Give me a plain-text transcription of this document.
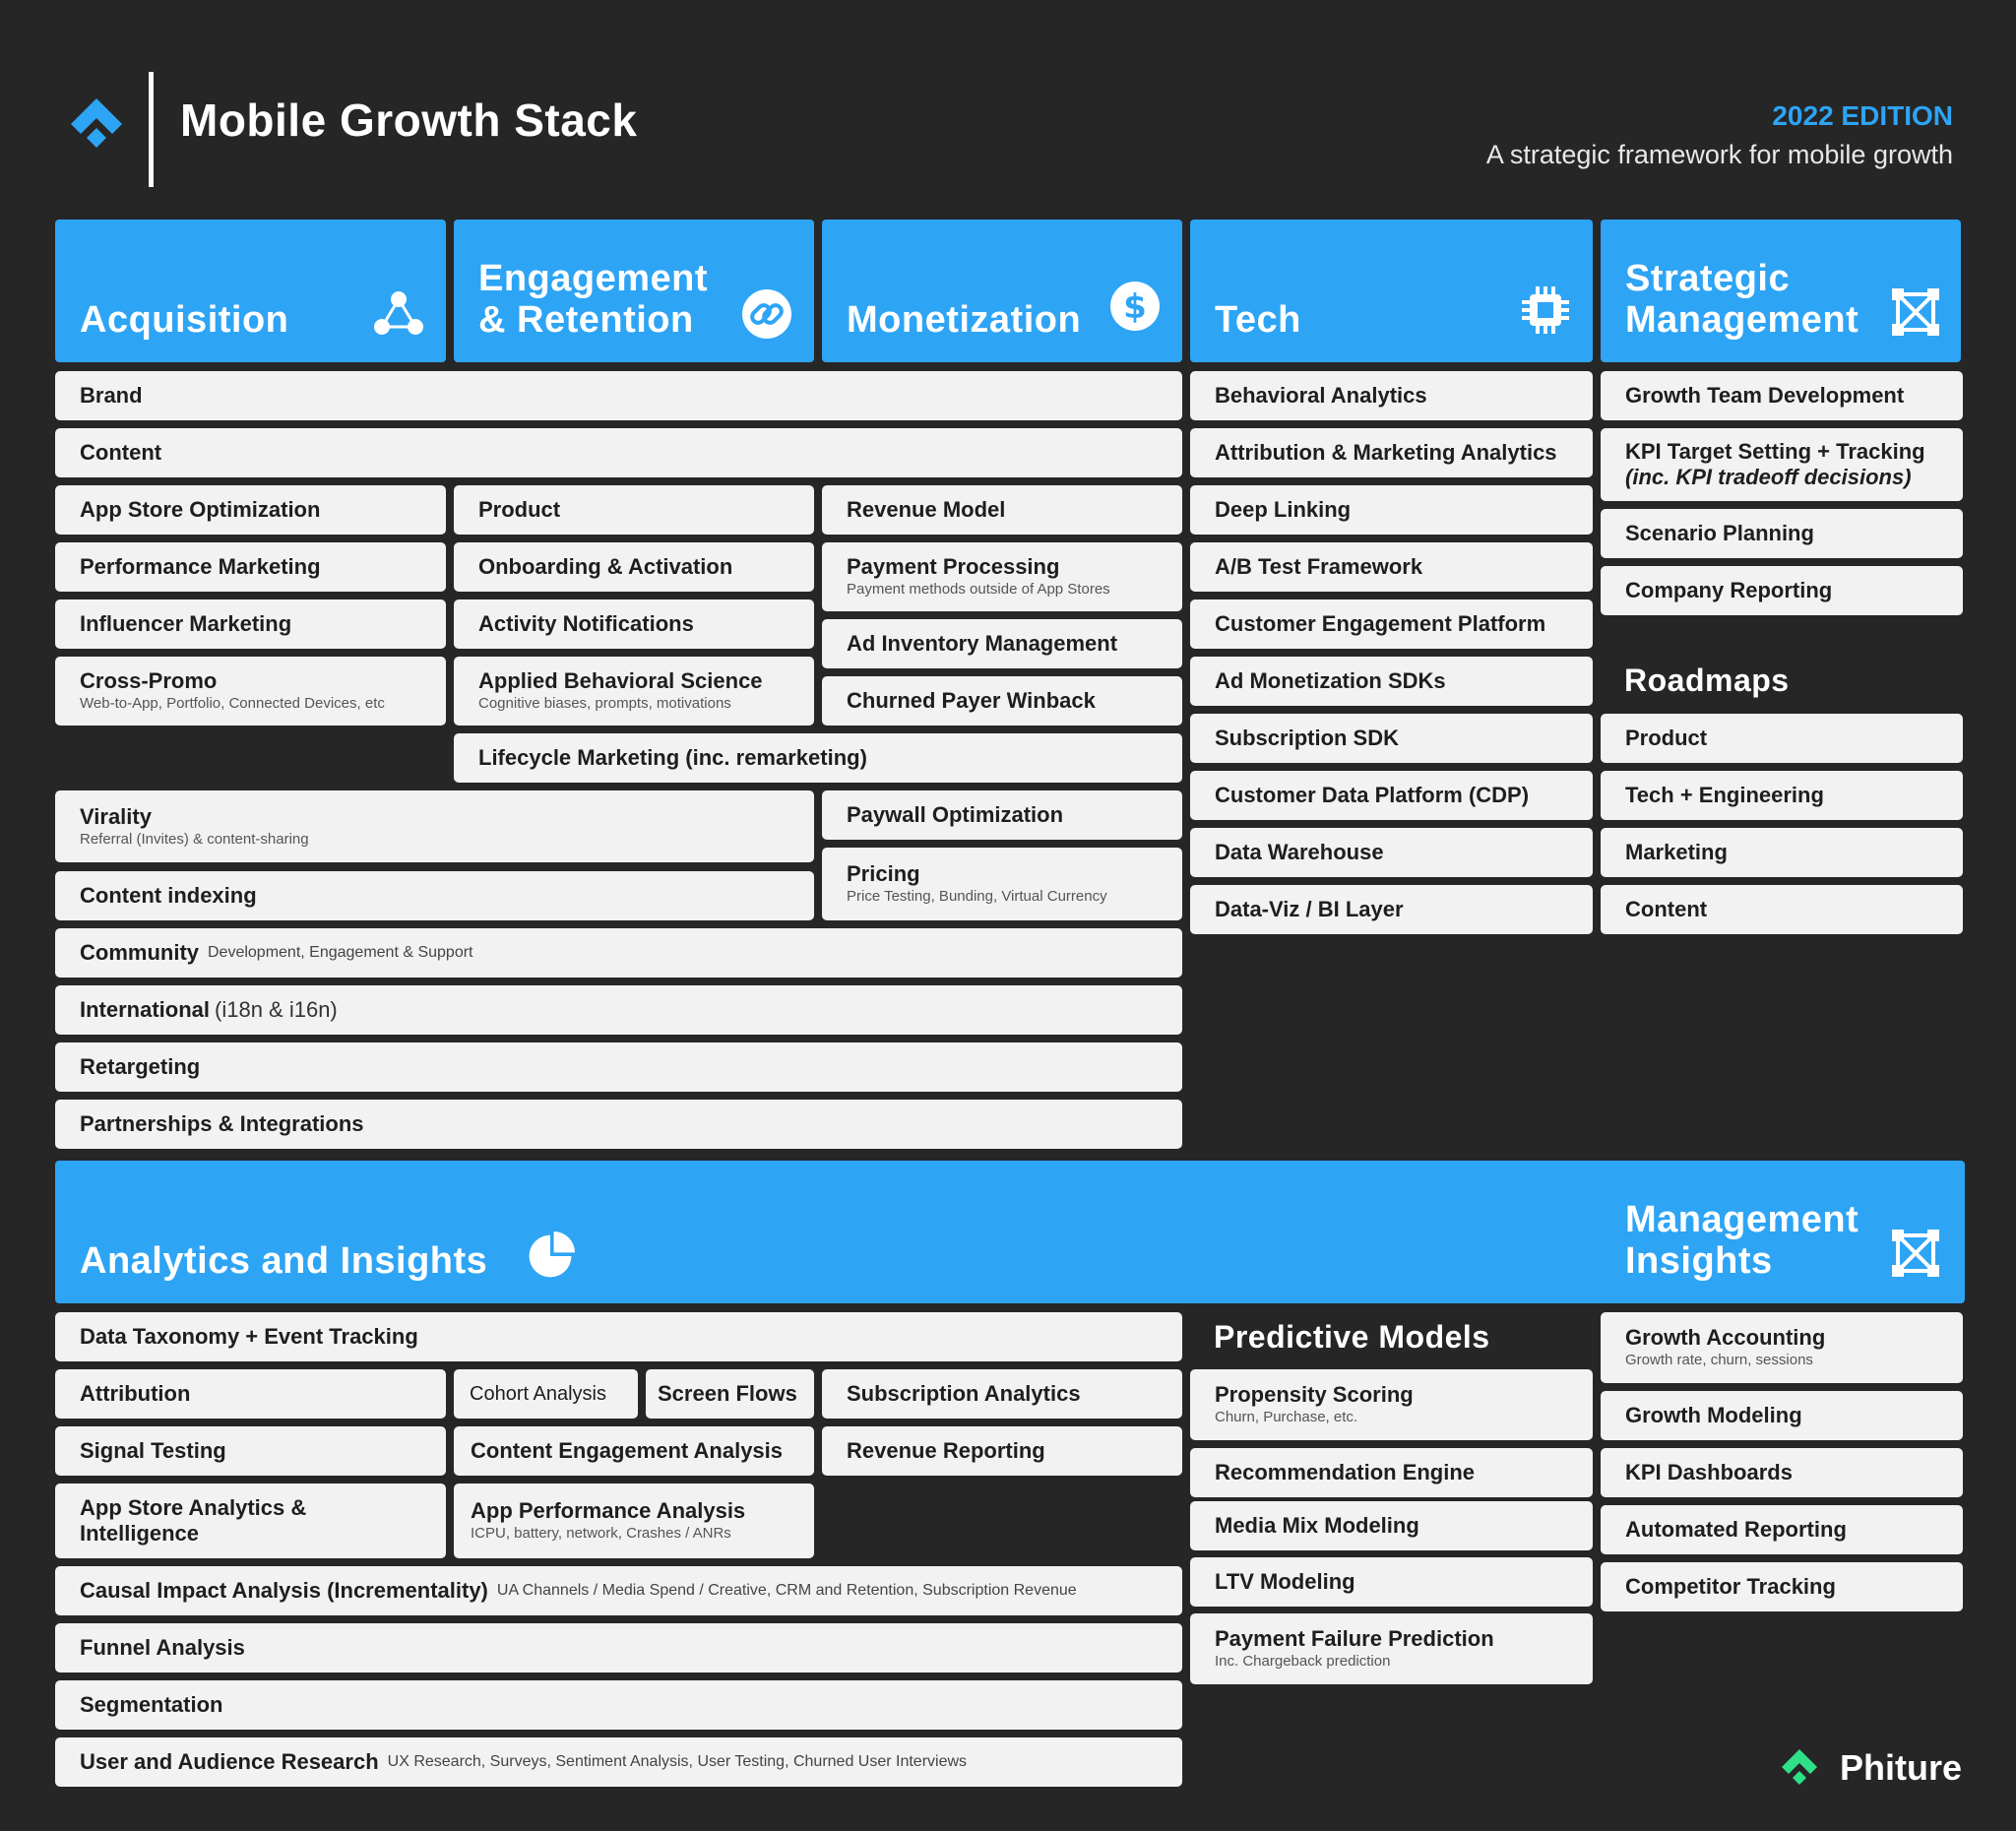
Mobile Growth Stack	2022 EDITION
A strategic framework for mobile growth
Acquisition
Engagement
& Retention	Monetization $ Tech
Strategic
Management
Brand
Content
App Store Optimization
Performance Marketing
Influencer Marketing
Cross-Promo
Web-to-App, Portfolio, Connected Devices, etc
Product
Onboarding & Activation
Activity Notifications
Applied Behavioral Science
Cognitive biases, prompts, motivations
Lifecycle Marketing (inc. remarketing)
Revenue Model
Payment Processing
Payment methods outside of App Stores
Ad Inventory Management
Churned Payer Winback
Virality
Referral (Invites) & content-sharing
Content indexing
Paywall Optimization
Pricing
Price Testing, Bunding, Virtual Currency
Community Development, Engagement & Support
International (i18n & i16n)
Retargeting
Partnerships & Integrations
Behavioral Analytics
Attribution & Marketing Analytics
Deep Linking
A/B Test Framework
Customer Engagement Platform
Ad Monetization SDKs
Subscription SDK
Customer Data Platform (CDP)
Data Warehouse
Data-Viz / BI Layer
Growth Team Development
KPI Target Setting + Tracking
(inc. KPI tradeoff decisions)
Scenario Planning
Company Reporting
Roadmaps
Product
Tech + Engineering
Marketing
Content
Analytics and Insights
Management
Insights
Data Taxonomy + Event Tracking
Attribution	Cohort Analysis	Screen Flows Subscription Analytics
Signal Testing	Content Engagement Analysis	Revenue Reporting
App Store Analytics & Intelligence
App Performance Analysis
ICPU, battery, network, Crashes / ANRs
Causal Impact Analysis (Incrementality) UA Channels / Media Spend / Creative, CRM and Retention, Subscription Revenue
Funnel Analysis
Segmentation
User and Audience Research UX Research, Surveys, Sentiment Analysis, User Testing, Churned User Interviews
Predictive Models
Propensity Scoring
Churn, Purchase, etc.
Recommendation Engine
Media Mix Modeling
LTV Modeling
Payment Failure Prediction
Inc. Chargeback prediction
Growth Accounting
Growth rate, churn, sessions
Growth Modeling
KPI Dashboards
Automated Reporting
Competitor Tracking
Phiture
